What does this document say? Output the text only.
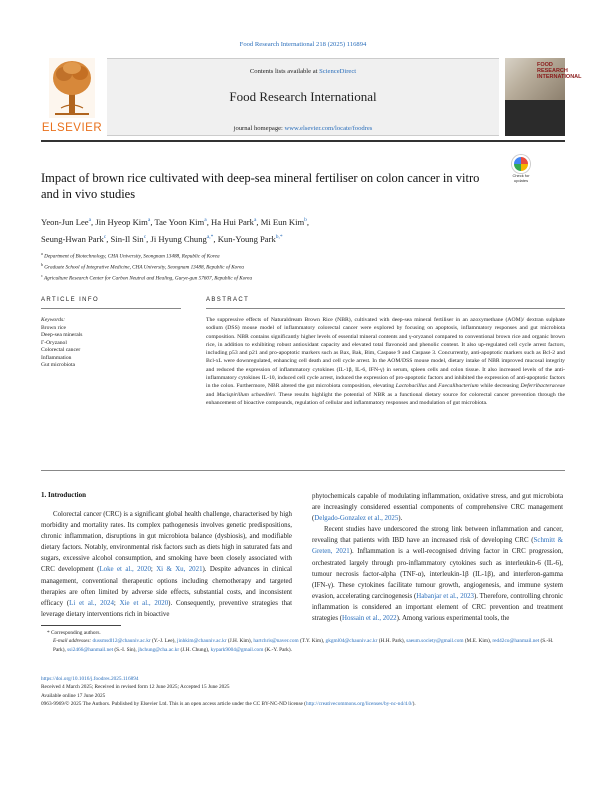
Food Research International 218 (2025) 116894
ELSEVIER
Contents lists available at ScienceDirect
Food Research International
journal homepage: www.elsevier.com/locate/foodres
FOOD RESEARCH INTERNATIONAL
Impact of brown rice cultivated with deep-sea mineral fertiliser on colon cancer in vitro and in vivo studies
Check for updates
Yeon-Jun Lee$^a$, Jin Hyeop Kim$^a$, Tae Yoon Kim$^a$, Ha Hui Park$^a$, Mi Eun Kim$^b$,
Seung-Hwan Park$^c$, Sin-Il Sin$^c$, Ji Hyung Chung$^{a,*}$, Kun-Young Park$^{b,*}$
$^a$ Department of Biotechnology, CHA University, Seongnam 13488, Republic of Korea
$^b$ Graduate School of Integrative Medicine, CHA University, Seongnam 13488, Republic of Korea
$^c$ Agriculture Research Center for Carbon Neutral and Healing, Gurye-gun 57607, Republic of Korea
ARTICLE INFO	ABSTRACT
Keywords:
Brown rice
Deep-sea minerals
Γ-Oryzanol
Colorectal cancer
Inflammation
Gut microbiota
The suppressive effects of Naturaldream Brown Rice (NBR), cultivated with deep-sea mineral fertiliser in an azoxymethane (AOM)/ dextran sulphate sodium (DSS) mouse model of inflammatory colorectal cancer were explored by focusing on apoptosis, inflammatory responses and gut microbiota composition. NBR contains significantly higher levels of essential mineral contents and γ-oryzanol compared to conventional brown rice and organic brown rice, in addition to exhibiting robust antioxidant capacity and elevated total flavonoid and phenolic content. It also up-regulated cell cycle arrest factors, including p53 and p21 and pro-apoptotic markers such as Bax, Bak, Bim, Caspase 9 and Caspase 3. Concurrently, anti-apoptotic markers such as Bcl-2 and Bcl-xL were downregulated, enhancing cell death and cell cycle arrest. In the AOM/DSS mouse model, dietary intake of NBR improved mucosal integrity and reduced the expression of inflammatory cytokines (IL-1β, IL-6, IFN-γ) in serum, spleen cells and colon tissue. It also increased levels of the anti-inflammatory cytokines IL-10, induced cell cycle arrest, induced the expression of pro-apoptotic factors and inhibited the expression of anti-apoptotic factors in the colon. Furthermore, NBR altered the gut microbiota composition, elevating Lactobacillus and Faecalibacterium while decreasing Deferribacteraceae and Mucispirillum schaedleri. These results highlight the potential of NBR as a functional dietary source for colorectal cancer prevention through the enhancement of bioactive compounds, regulation of cellular and inflammatory responses and modulation of gut microbiota.
1. Introduction

Colorectal cancer (CRC) is a significant global health challenge, characterised by high morbidity and mortality rates. Its complex pathogenesis involves genetic predispositions, chronic inflammation, disruptions in gut microbiota balance (dysbiosis), and modifiable dietary factors. Notably, environmental risk factors such as diets high in saturated fats and sugars, excessive alcohol consumption, and smoking have been closely associated with CRC development (Loke et al., 2020; Xi & Xu, 2021). Despite advances in clinical management, conventional therapeutic options including chemotherapy and targeted therapies are often limited by adverse side effects, substantial costs, and inconsistent efficacy (Li et al., 2024; Xie et al., 2020). Consequently, preventive strategies that leverage dietary interventions rich in bioactive

phytochemicals capable of modulating inflammation, oxidative stress, and gut microbiota are increasingly considered essential components of comprehensive CRC management (Delgado-Gonzalez et al., 2025).

Recent studies have underscored the strong link between inflammation and cancer, revealing that patients with IBD have an increased risk of developing CRC (Schmitt & Greten, 2021). Inflammation is a well-recognised driving factor in CRC progression, orchestrated largely through pro-inflammatory cytokines such as interleukin-6 (IL-6), tumour necrosis factor-alpha (TNF-α), interleukin-1β (IL-1β), and interferon-gamma (IFN-γ). These cytokines facilitate tumour growth, angiogenesis, and immune system evasion, accelerating carcinogenesis (Habanjar et al., 2023). Therefore, controlling chronic inflammation is considered an important element of CRC prevention and treatment strategies (Hossain et al., 2022). Among various experimental tools, the

* Corresponding authors.
E-mail addresses: dussmsdl12@chauniv.ac.kr (Y.-J. Lee), jinhkim@chauniv.ac.kr (J.H. Kim), hartchris@naver.com (T.Y. Kim), gkgml04@chauniv.ac.kr (H.H. Park), saeum.society@gmail.com (M.E. Kim), red42co@hanmail.net (S.-H. Park), ssi2466@hanmail.net (S.-I. Sin), jhchung@cha.ac.kr (J.H. Chung), kypark9004@gmail.com (K.-Y. Park).
https://doi.org/10.1016/j.foodres.2025.116894
Received 4 March 2025; Received in revised form 12 June 2025; Accepted 15 June 2025
Available online 17 June 2025
0963-9969/© 2025 The Authors. Published by Elsevier Ltd. This is an open access article under the CC BY-NC-ND license (http://creativecommons.org/licenses/by-nc-nd/4.0/).
